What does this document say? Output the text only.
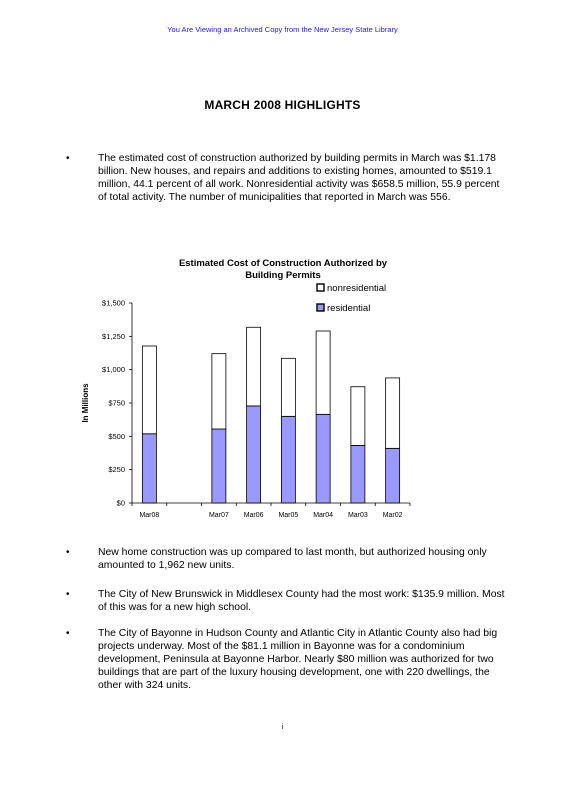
You Are Viewing an Archived Copy from the New Jersey State Library
MARCH 2008 HIGHLIGHTS
•	The estimated cost of construction authorized by building permits in March was $1.178 billion. New houses, and repairs and additions to existing homes, amounted to $519.1 million, 44.1 percent of all work. Nonresidential activity was $658.5 million, 55.9 percent of total activity. The number of municipalities that reported in March was 556.
Estimated Cost of Construction Authorized by
Building Permits
$0
$250
$500
$750
$1,000
$1,250
$1,500
In Millions
Mar08	Mar07 Mar06 Mar05 Mar04 Mar03 Mar02
nonresidential
residential
•	New home construction was up compared to last month, but authorized housing only amounted to 1,962 new units.
•	The City of New Brunswick in Middlesex County had the most work: $135.9 million. Most of this was for a new high school.
•	The City of Bayonne in Hudson County and Atlantic City in Atlantic County also had big projects underway. Most of the $81.1 million in Bayonne was for a condominium development, Peninsula at Bayonne Harbor. Nearly $80 million was authorized for two buildings that are part of the luxury housing development, one with 220 dwellings, the other with 324 units.
i
